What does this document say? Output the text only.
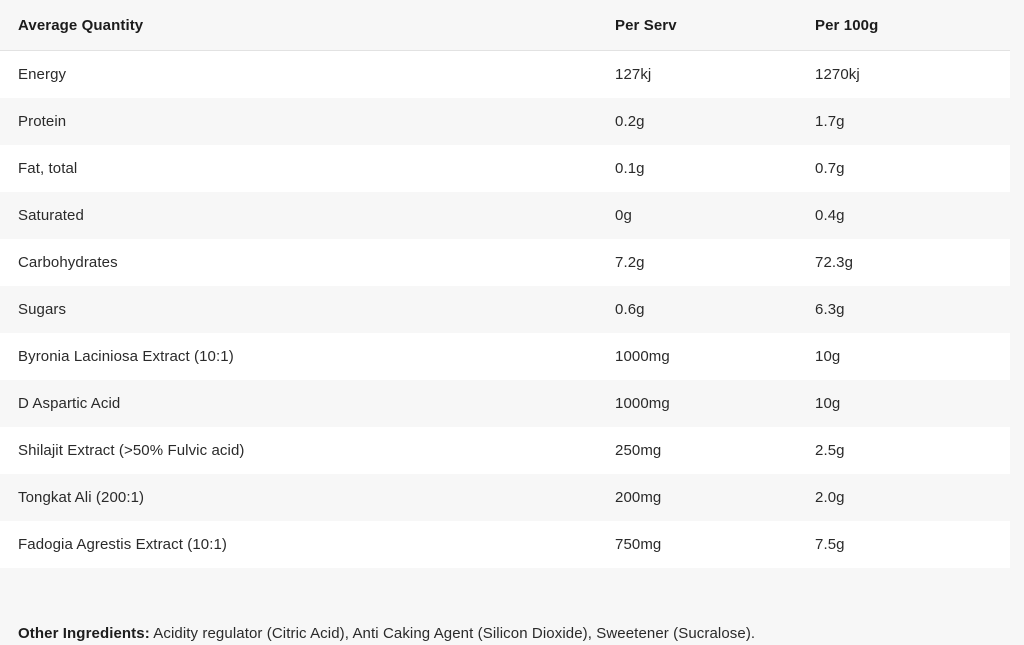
Average Quantity	Per Serv	Per 100g
Energy	127kj	1270kj
Protein	0.2g	1.7g
Fat, total	0.1g	0.7g
Saturated	0g	0.4g
Carbohydrates	7.2g	72.3g
Sugars	0.6g	6.3g
Byronia Laciniosa Extract (10:1)	1000mg	10g
D Aspartic Acid	1000mg	10g
Shilajit Extract (>50% Fulvic acid)	250mg	2.5g
Tongkat Ali (200:1)	200mg	2.0g
Fadogia Agrestis Extract (10:1)	750mg	7.5g

Other Ingredients: Acidity regulator (Citric Acid), Anti Caking Agent (Silicon Dioxide), Sweetener (Sucralose).
